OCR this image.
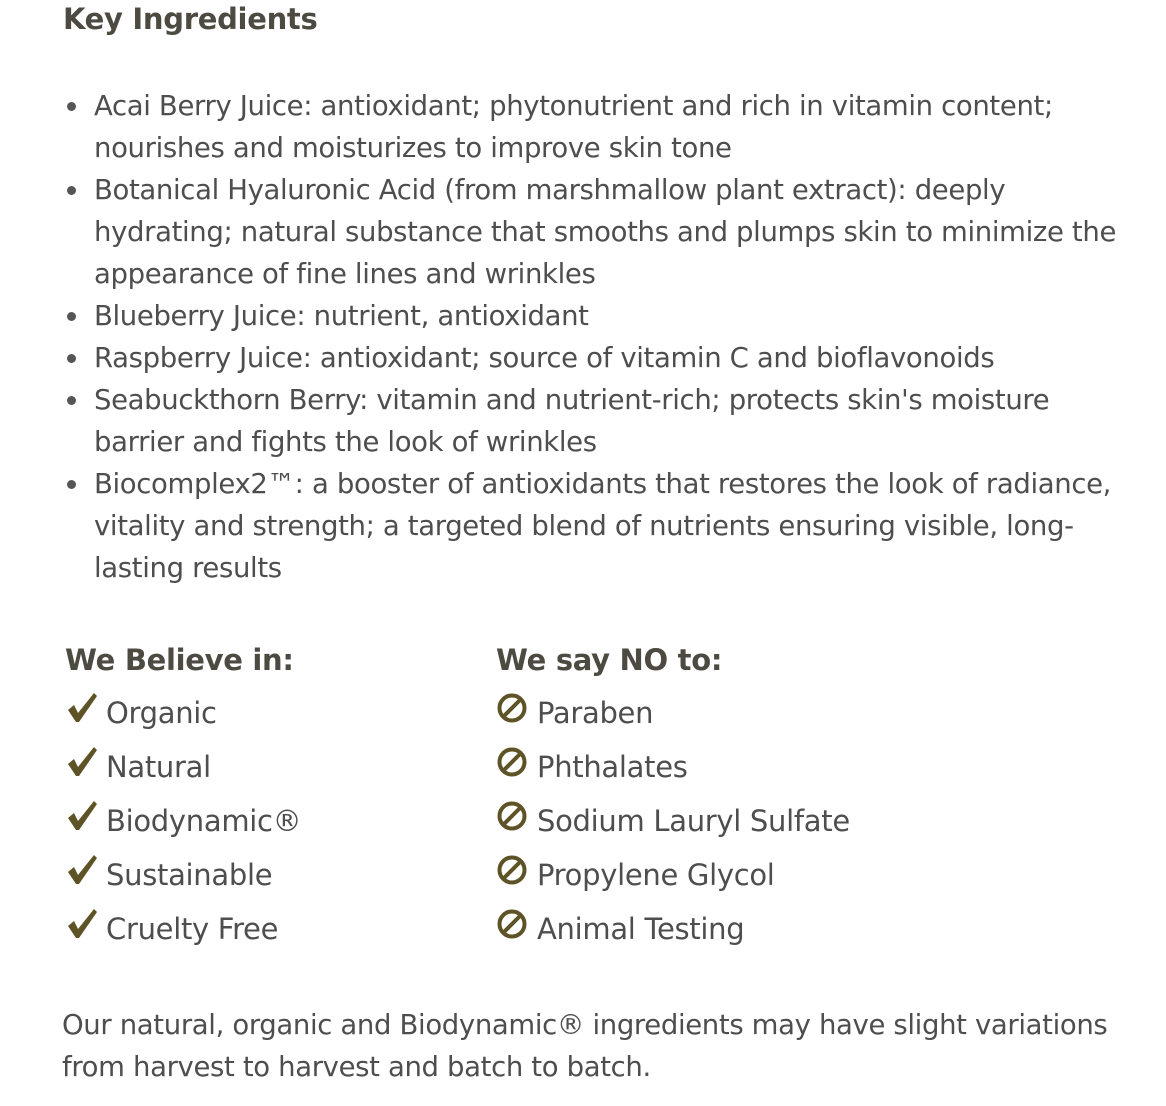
Key Ingredients
Acai Berry Juice: antioxidant; phytonutrient and rich in vitamin content; nourishes and moisturizes to improve skin tone
Botanical Hyaluronic Acid (from marshmallow plant extract): deeply hydrating; natural substance that smooths and plumps skin to minimize the appearance of fine lines and wrinkles
Blueberry Juice: nutrient, antioxidant
Raspberry Juice: antioxidant; source of vitamin C and bioflavonoids
Seabuckthorn Berry: vitamin and nutrient-rich; protects skin's moisture barrier and fights the look of wrinkles
Biocomplex2™: a booster of antioxidants that restores the look of radiance, vitality and strength; a targeted blend of nutrients ensuring visible, long-lasting results
We Believe in:
Organic
Natural
Biodynamic®
Sustainable
Cruelty Free
We say NO to:
Paraben
Phthalates
Sodium Lauryl Sulfate
Propylene Glycol
Animal Testing

Our natural, organic and Biodynamic® ingredients may have slight variations from harvest to harvest and batch to batch.
